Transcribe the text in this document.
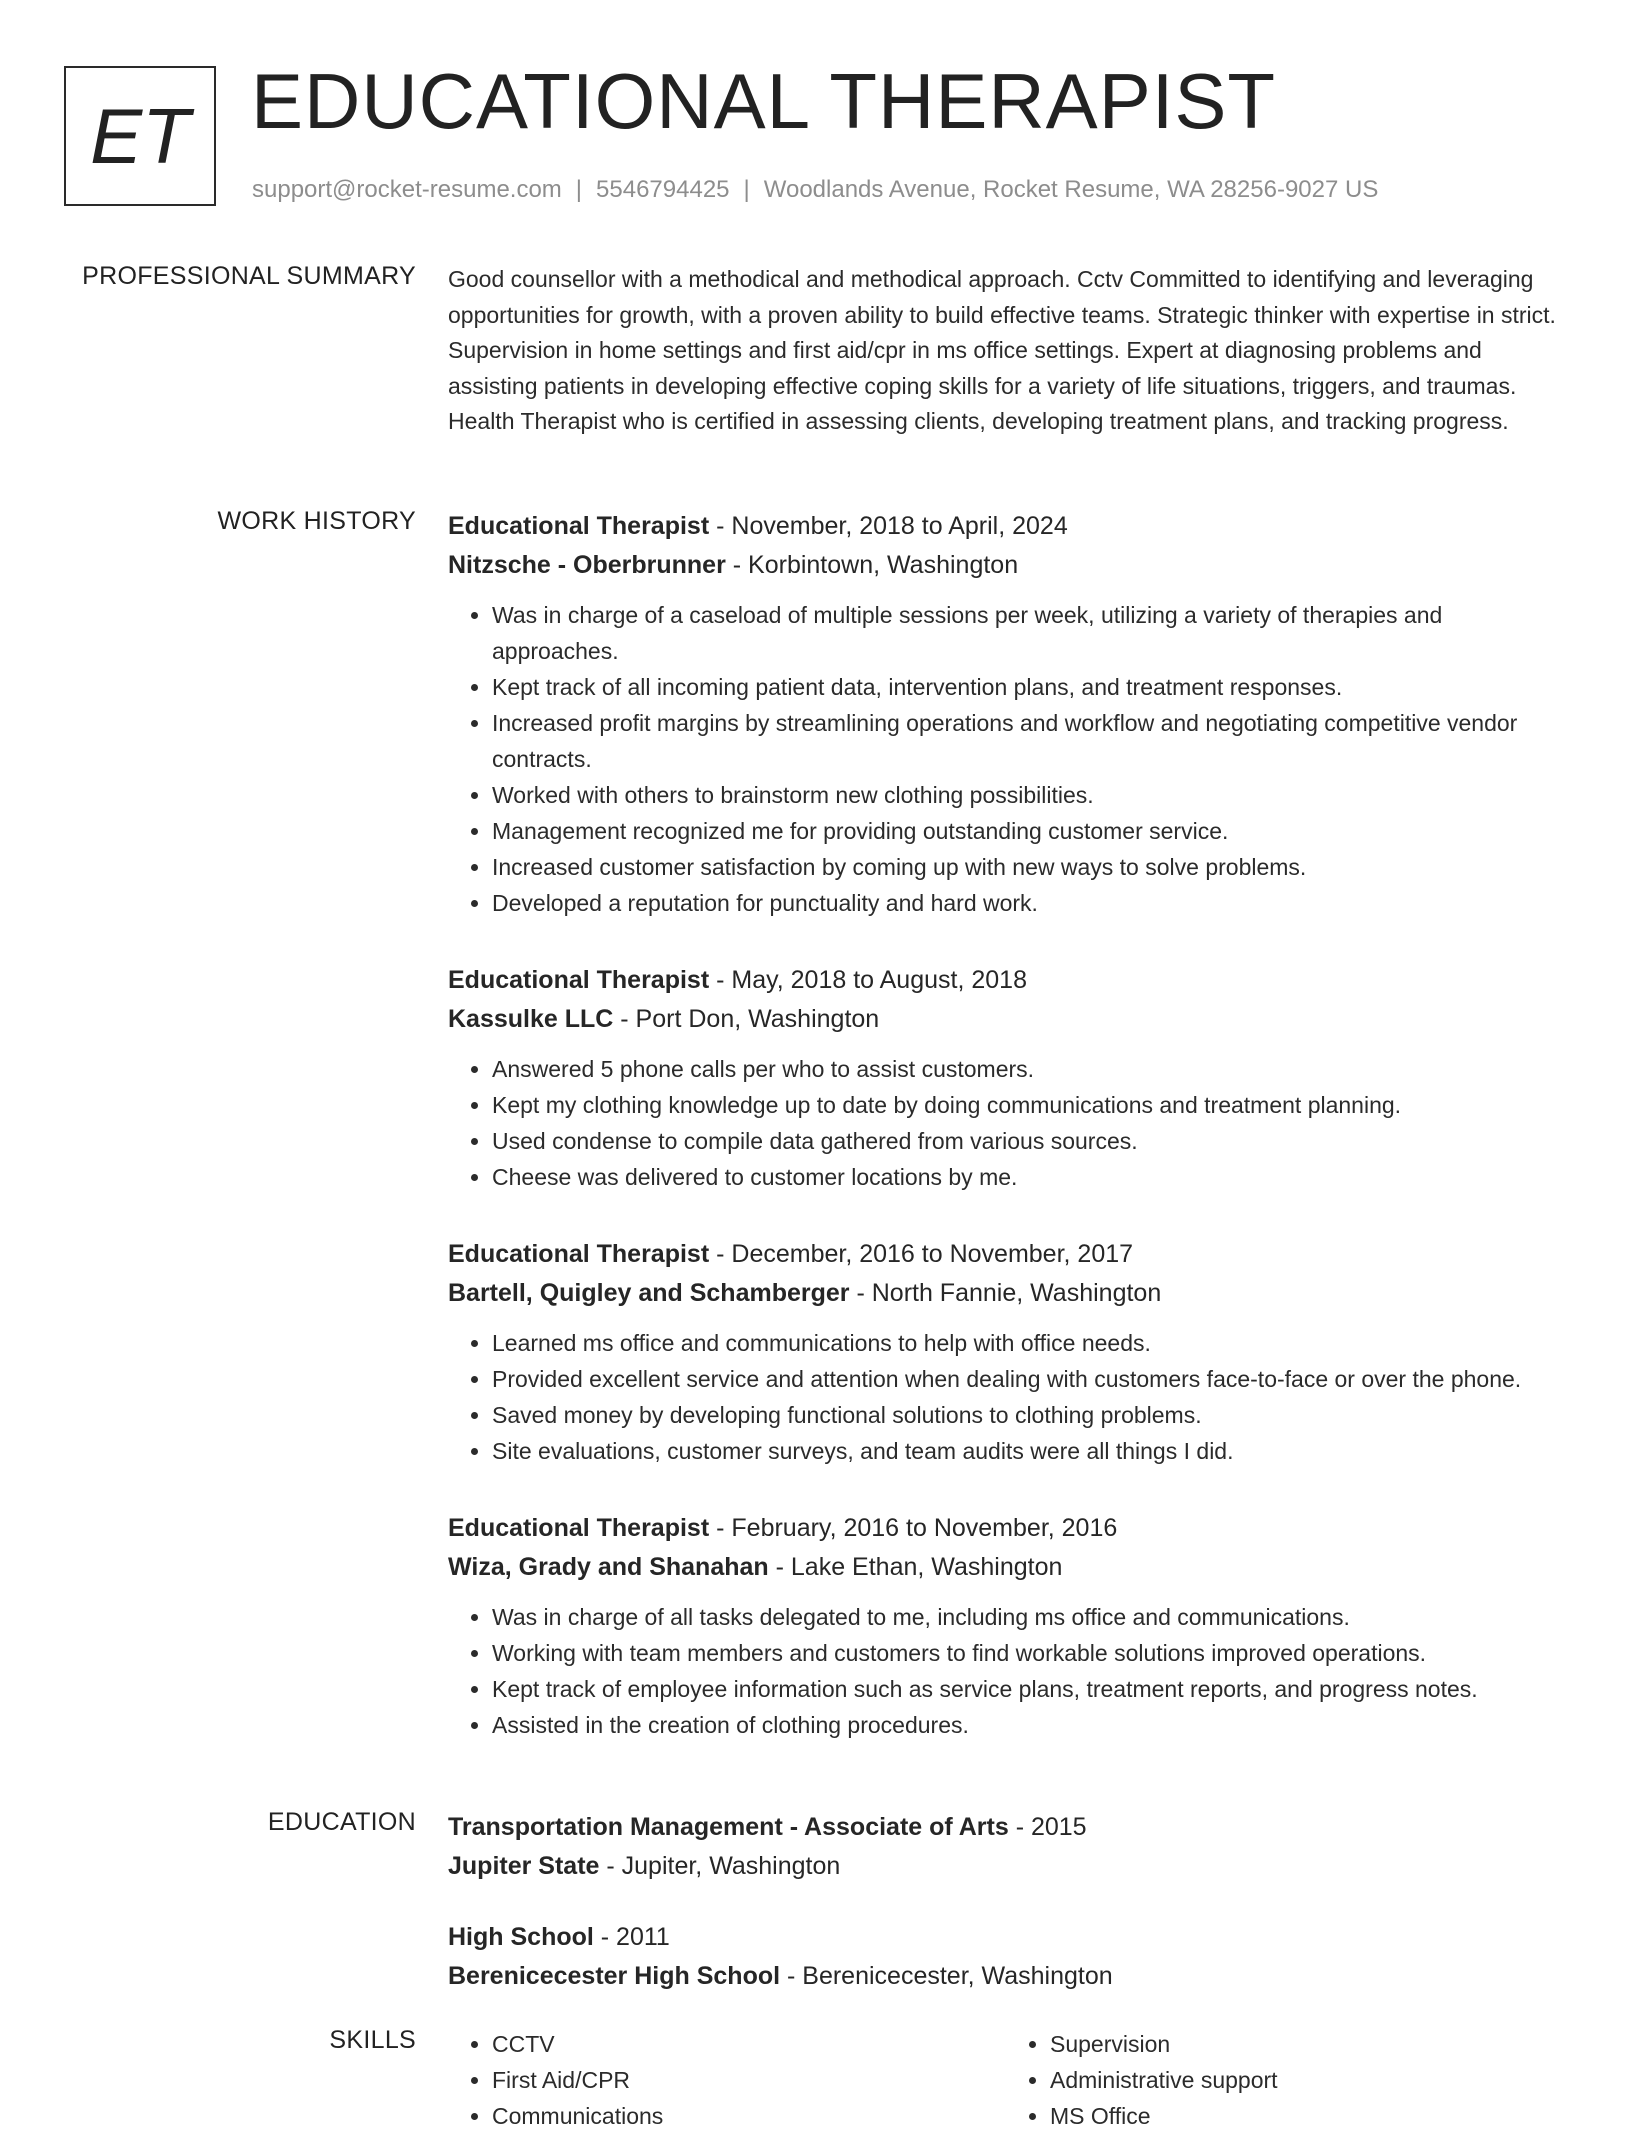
ET EDUCATIONAL THERAPIST
support@rocket-resume.com | 5546794425 | Woodlands Avenue, Rocket Resume, WA 28256-9027 US
PROFESSIONAL SUMMARY Good counsellor with a methodical and methodical approach. Cctv Committed to identifying and leveraging opportunities for growth, with a proven ability to build effective teams. Strategic thinker with expertise in strict. Supervision in home settings and first aid/cpr in ms office settings. Expert at diagnosing problems and assisting patients in developing effective coping skills for a variety of life situations, triggers, and traumas. Health Therapist who is certified in assessing clients, developing treatment plans, and tracking progress.

WORK HISTORY Educational Therapist - November, 2018 to April, 2024
Nitzsche - Oberbrunner - Korbintown, Washington
• Was in charge of a caseload of multiple sessions per week, utilizing a variety of therapies and approaches.
• Kept track of all incoming patient data, intervention plans, and treatment responses.
• Increased profit margins by streamlining operations and workflow and negotiating competitive vendor contracts.
• Worked with others to brainstorm new clothing possibilities.
• Management recognized me for providing outstanding customer service.
• Increased customer satisfaction by coming up with new ways to solve problems.
• Developed a reputation for punctuality and hard work.
Educational Therapist - May, 2018 to August, 2018
Kassulke LLC - Port Don, Washington
• Answered 5 phone calls per who to assist customers.
• Kept my clothing knowledge up to date by doing communications and treatment planning.
• Used condense to compile data gathered from various sources.
• Cheese was delivered to customer locations by me.
Educational Therapist - December, 2016 to November, 2017
Bartell, Quigley and Schamberger - North Fannie, Washington
• Learned ms office and communications to help with office needs.
• Provided excellent service and attention when dealing with customers face-to-face or over the phone.
• Saved money by developing functional solutions to clothing problems.
• Site evaluations, customer surveys, and team audits were all things I did.
Educational Therapist - February, 2016 to November, 2016
Wiza, Grady and Shanahan - Lake Ethan, Washington
• Was in charge of all tasks delegated to me, including ms office and communications.
• Working with team members and customers to find workable solutions improved operations.
• Kept track of employee information such as service plans, treatment reports, and progress notes.
• Assisted in the creation of clothing procedures.
EDUCATION Transportation Management - Associate of Arts - 2015
Jupiter State - Jupiter, Washington
High School - 2011
Berenicecester High School - Berenicecester, Washington
SKILLS
•	CCTV
• First Aid/CPR
• Communications
• Supervision
• Administrative support
• MS Office
